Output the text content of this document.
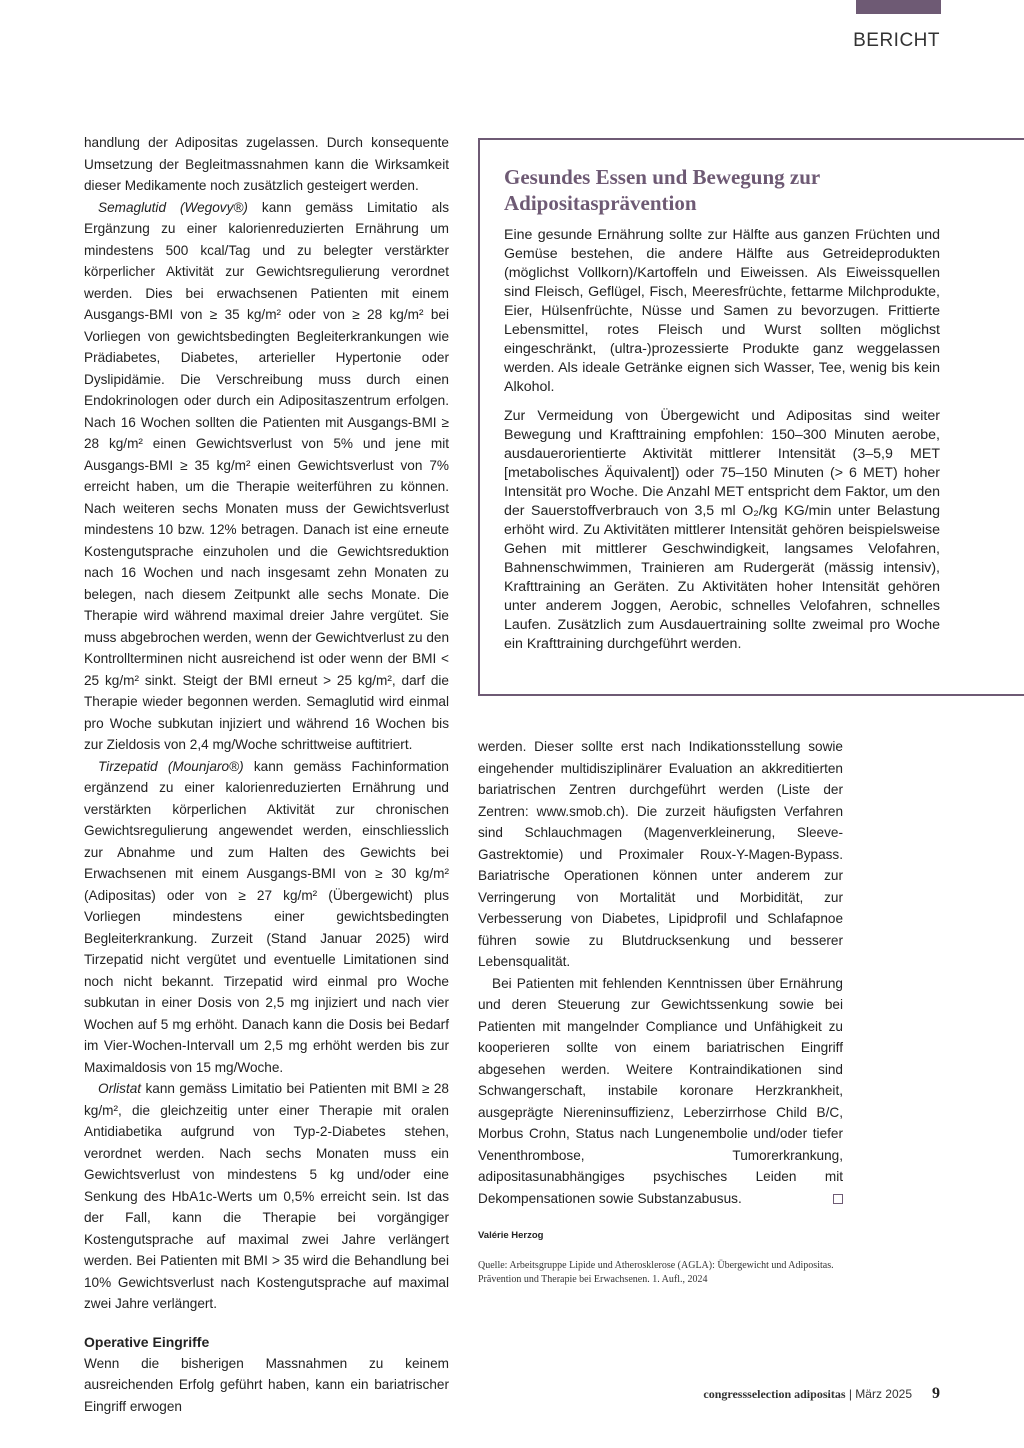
BERICHT

handlung der Adipositas zugelassen. Durch konsequente Umsetzung der Begleitmassnahmen kann die Wirksamkeit dieser Medikamente noch zusätzlich gesteigert werden.

Semaglutid (Wegovy®) kann gemäss Limitatio als Ergänzung zu einer kalorienreduzierten Ernährung um mindestens 500 kcal/Tag und zu belegter verstärkter körperlicher Aktivität zur Gewichtsregulierung verordnet werden. Dies bei erwachsenen Patienten mit einem Ausgangs-BMI von ≥ 35 kg/m² oder von ≥ 28 kg/m² bei Vorliegen von gewichtsbedingten Begleiterkrankungen wie Prädiabetes, Diabetes, arterieller Hypertonie oder Dyslipidämie. Die Verschreibung muss durch einen Endokrinologen oder durch ein Adipositaszentrum erfolgen. Nach 16 Wochen sollten die Patienten mit Ausgangs-BMI ≥ 28 kg/m² einen Gewichtsverlust von 5% und jene mit Ausgangs-BMI ≥ 35 kg/m² einen Gewichtsverlust von 7% erreicht haben, um die Therapie weiterführen zu können. Nach weiteren sechs Monaten muss der Gewichtsverlust mindestens 10 bzw. 12% betragen. Danach ist eine erneute Kostengutsprache einzuholen und die Gewichtsreduktion nach 16 Wochen und nach insgesamt zehn Monaten zu belegen, nach diesem Zeitpunkt alle sechs Monate. Die Therapie wird während maximal dreier Jahre vergütet. Sie muss abgebrochen werden, wenn der Gewichtverlust zu den Kontrollterminen nicht ausreichend ist oder wenn der BMI < 25 kg/m² sinkt. Steigt der BMI erneut > 25 kg/m², darf die Therapie wieder begonnen werden. Semaglutid wird einmal pro Woche subkutan injiziert und während 16 Wochen bis zur Zieldosis von 2,4 mg/Woche schrittweise auftitriert.

Tirzepatid (Mounjaro®) kann gemäss Fachinformation ergänzend zu einer kalorienreduzierten Ernährung und verstärkten körperlichen Aktivität zur chronischen Gewichtsregulierung angewendet werden, einschliesslich zur Abnahme und zum Halten des Gewichts bei Erwachsenen mit einem Ausgangs-BMI von ≥ 30 kg/m² (Adipositas) oder von ≥ 27 kg/m² (Übergewicht) plus Vorliegen mindestens einer gewichtsbedingten Begleiterkrankung. Zurzeit (Stand Januar 2025) wird Tirzepatid nicht vergütet und eventuelle Limitationen sind noch nicht bekannt. Tirzepatid wird einmal pro Woche subkutan in einer Dosis von 2,5 mg injiziert und nach vier Wochen auf 5 mg erhöht. Danach kann die Dosis bei Bedarf im Vier-Wochen-Intervall um 2,5 mg erhöht werden bis zur Maximaldosis von 15 mg/Woche.

Orlistat kann gemäss Limitatio bei Patienten mit BMI ≥ 28 kg/m², die gleichzeitig unter einer Therapie mit oralen Antidiabetika aufgrund von Typ-2-Diabetes stehen, verordnet werden. Nach sechs Monaten muss ein Gewichtsverlust von mindestens 5 kg und/oder eine Senkung des HbA1c-Werts um 0,5% erreicht sein. Ist das der Fall, kann die Therapie bei vorgängiger Kostengutsprache auf maximal zwei Jahre verlängert werden. Bei Patienten mit BMI > 35 wird die Behandlung bei 10% Gewichtsverlust nach Kostengutsprache auf maximal zwei Jahre verlängert.

Operative Eingriffe

Wenn die bisherigen Massnahmen zu keinem ausreichenden Erfolg geführt haben, kann ein bariatrischer Eingriff erwogen

Gesundes Essen und Bewegung zur Adipositasprävention

Eine gesunde Ernährung sollte zur Hälfte aus ganzen Früchten und Gemüse bestehen, die andere Hälfte aus Getreideprodukten (möglichst Vollkorn)/Kartoffeln und Eiweissen. Als Eiweissquellen sind Fleisch, Geflügel, Fisch, Meeresfrüchte, fettarme Milchprodukte, Eier, Hülsenfrüchte, Nüsse und Samen zu bevorzugen. Frittierte Lebensmittel, rotes Fleisch und Wurst sollten möglichst eingeschränkt, (ultra-)prozessierte Produkte ganz weggelassen werden. Als ideale Getränke eignen sich Wasser, Tee, wenig bis kein Alkohol.

Zur Vermeidung von Übergewicht und Adipositas sind weiter Bewegung und Krafttraining empfohlen: 150–300 Minuten aerobe, ausdauerorientierte Aktivität mittlerer Intensität (3–5,9 MET [metabolisches Äquivalent]) oder 75–150 Minuten (> 6 MET) hoher Intensität pro Woche. Die Anzahl MET entspricht dem Faktor, um den der Sauerstoffverbrauch von 3,5 ml O₂/kg KG/min unter Belastung erhöht wird. Zu Aktivitäten mittlerer Intensität gehören beispielsweise Gehen mit mittlerer Geschwindigkeit, langsames Velofahren, Bahnenschwimmen, Trainieren am Rudergerät (mässig intensiv), Krafttraining an Geräten. Zu Aktivitäten hoher Intensität gehören unter anderem Joggen, Aerobic, schnelles Velofahren, schnelles Laufen. Zusätzlich zum Ausdauertraining sollte zweimal pro Woche ein Krafttraining durchgeführt werden.

werden. Dieser sollte erst nach Indikationsstellung sowie eingehender multidisziplinärer Evaluation an akkreditierten bariatrischen Zentren durchgeführt werden (Liste der Zentren: www.smob.ch). Die zurzeit häufigsten Verfahren sind Schlauchmagen (Magenverkleinerung, Sleeve-Gastrektomie) und Proximaler Roux-Y-Magen-Bypass. Bariatrische Operationen können unter anderem zur Verringerung von Mortalität und Morbidität, zur Verbesserung von Diabetes, Lipidprofil und Schlafapnoe führen sowie zu Blutdrucksenkung und besserer Lebensqualität.

Bei Patienten mit fehlenden Kenntnissen über Ernährung und deren Steuerung zur Gewichtssenkung sowie bei Patienten mit mangelnder Compliance und Unfähigkeit zu kooperieren sollte von einem bariatrischen Eingriff abgesehen werden. Weitere Kontraindikationen sind Schwangerschaft, instabile koronare Herzkrankheit, ausgeprägte Niereninsuffizienz, Leberzirrhose Child B/C, Morbus Crohn, Status nach Lungenembolie und/oder tiefer Venenthrombose, Tumorerkrankung, adipositasunabhängiges psychisches Leiden mit Dekompensationen sowie Substanzabusus.

Valérie Herzog
Quelle: Arbeitsgruppe Lipide und Atherosklerose (AGLA): Übergewicht und Adipositas. Prävention und Therapie bei Erwachsenen. 1. Aufl., 2024
congressselection adipositas | März 2025 9
